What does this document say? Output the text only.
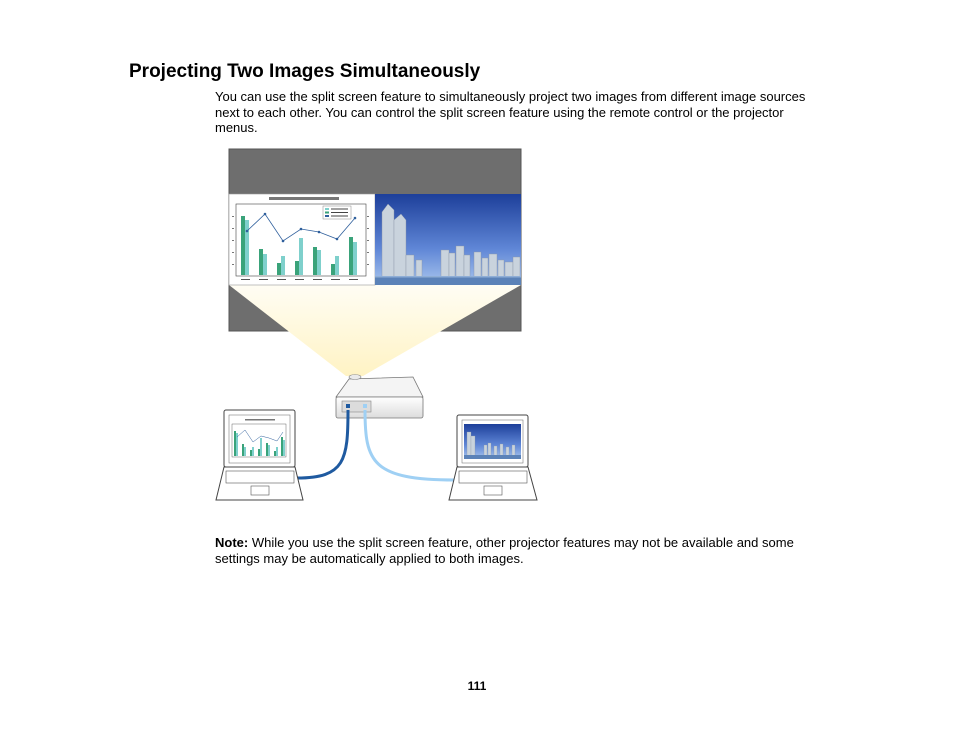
Projecting Two Images Simultaneously

You can use the split screen feature to simultaneously project two images from different image sources next to each other. You can control the split screen feature using the remote control or the projector menus.

Note: While you use the split screen feature, other projector features may not be available and some settings may be automatically applied to both images.

111
